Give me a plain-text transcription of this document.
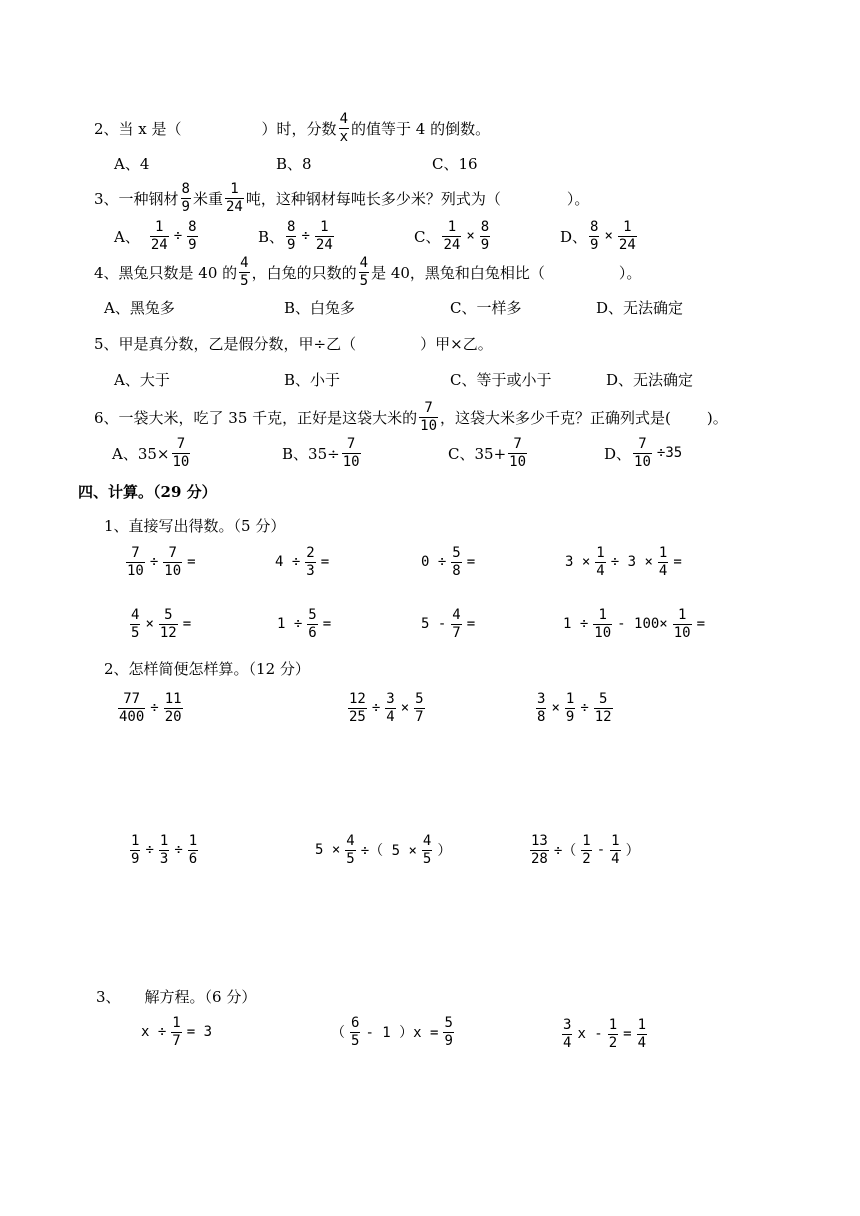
2、当 x 是（	）时，分数 $\frac{4}{x}$ 的值等于 4 的倒数。
A、4	B、8	C、16
3、一种钢材 $\frac{8}{9}$ 米重 $\frac{1}{24}$ 吨，这种钢材每吨长多少米？列式为（	）。
A、 $\frac{1}{24} \div \frac{8}{9}$	B、 $\frac{8}{9} \div \frac{1}{24}$	C、 $\frac{1}{24} \times \frac{8}{9}$	D、 $\frac{8}{9} \times \frac{1}{24}$
4、黑兔只数是 40 的 $\frac{4}{5}$ ，白兔的只数的 $\frac{4}{5}$ 是 40，黑兔和白兔相比（	）。
A、黑兔多	B、白兔多	C、一样多	D、无法确定
5、甲是真分数，乙是假分数，甲÷乙（	）甲×乙。
A、大于	B、小于	C、等于或小于	D、无法确定
6、一袋大米，吃了 35 千克，正好是这袋大米的 $\frac{7}{10}$ ，这袋大米多少千克？正确列式是( )。
A、$35\times \frac{7}{10}$	B、$35\div \frac{7}{10}$	C、$35+ \frac{7}{10}$	D、 $\frac{7}{10} \div 35$
四、计算。（29 分）
1、直接写出得数。（5 分）
$\frac{7}{10} \div \frac{7}{10}$ =	$4 \div \frac{2}{3}$ =	$0 \div \frac{5}{8}$ =	$3 \times \frac{1}{4} \div 3 \times \frac{1}{4}$ =
$\frac{4}{5} \times \frac{5}{12}$ =	$1 \div \frac{5}{6}$ =	$5 - \frac{4}{7}$ =	$1 \div \frac{1}{10} - 100\times \frac{1}{10}$ =
2、怎样简便怎样算。（12 分）
$\frac{77}{400} \div \frac{11}{20}$	$\frac{12}{25} \div \frac{3}{4} \times \frac{5}{7}$	$\frac{3}{8} \times \frac{1}{9} \div \frac{5}{12}$
$\frac{1}{9} \div \frac{1}{3} \div \frac{1}{6}$	$5 \times \frac{4}{5}$ ÷（ $5 \times \frac{4}{5}$ ）	$\frac{13}{28}$ ÷（ $\frac{1}{2} - \frac{1}{4}$ ）
3、 解方程。（6 分）
$x \div \frac{1}{7} = 3$	（ $\frac{6}{5} - 1$ ）$x = \frac{5}{9}$	$\frac{3}{4}$ $x - \frac{1}{2} = \frac{1}{4}$
